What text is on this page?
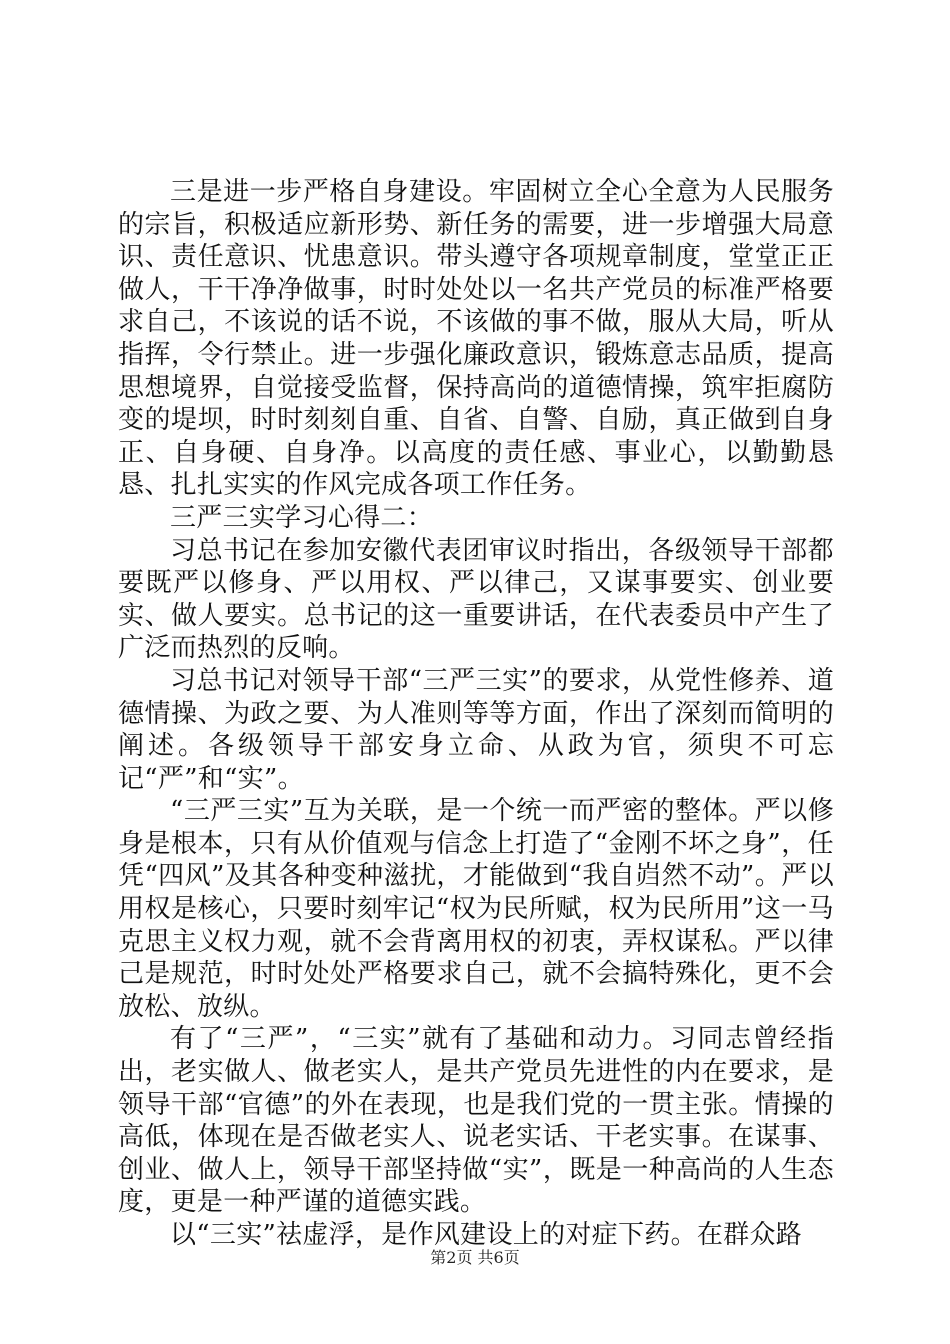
三是进一步严格自身建设。牢固树立全心全意为人民服务的宗旨，积极适应新形势、新任务的需要，进一步增强大局意识、责任意识、忧患意识。带头遵守各项规章制度，堂堂正正做人，干干净净做事，时时处处以一名共产党员的标准严格要求自己，不该说的话不说，不该做的事不做，服从大局，听从指挥，令行禁止。进一步强化廉政意识，锻炼意志品质，提高思想境界，自觉接受监督，保持高尚的道德情操，筑牢拒腐防变的堤坝，时时刻刻自重、自省、自警、自励，真正做到自身正、自身硬、自身净。以高度的责任感、事业心，以勤勤恳恳、扎扎实实的作风完成各项工作任务。

三严三实学习心得二：

习总书记在参加安徽代表团审议时指出，各级领导干部都要既严以修身、严以用权、严以律己，又谋事要实、创业要实、做人要实。总书记的这一重要讲话，在代表委员中产生了广泛而热烈的反响。

习总书记对领导干部“三严三实”的要求，从党性修养、道德情操、为政之要、为人准则等等方面，作出了深刻而简明的阐述。各级领导干部安身立命、从政为官，须臾不可忘记“严”和“实”。

“三严三实”互为关联，是一个统一而严密的整体。严以修身是根本，只有从价值观与信念上打造了“金刚不坏之身”，任凭“四风”及其各种变种滋扰，才能做到“我自岿然不动”。严以用权是核心，只要时刻牢记“权为民所赋，权为民所用”这一马克思主义权力观，就不会背离用权的初衷，弄权谋私。严以律己是规范，时时处处严格要求自己，就不会搞特殊化，更不会放松、放纵。

有了“三严”，“三实”就有了基础和动力。习同志曾经指出，老实做人、做老实人，是共产党员先进性的内在要求，是领导干部“官德”的外在表现，也是我们党的一贯主张。情操的高低，体现在是否做老实人、说老实话、干老实事。在谋事、创业、做人上，领导干部坚持做“实”，既是一种高尚的人生态度，更是一种严谨的道德实践。

以“三实”祛虚浮，是作风建设上的对症下药。在群众路

第2页 共6页
